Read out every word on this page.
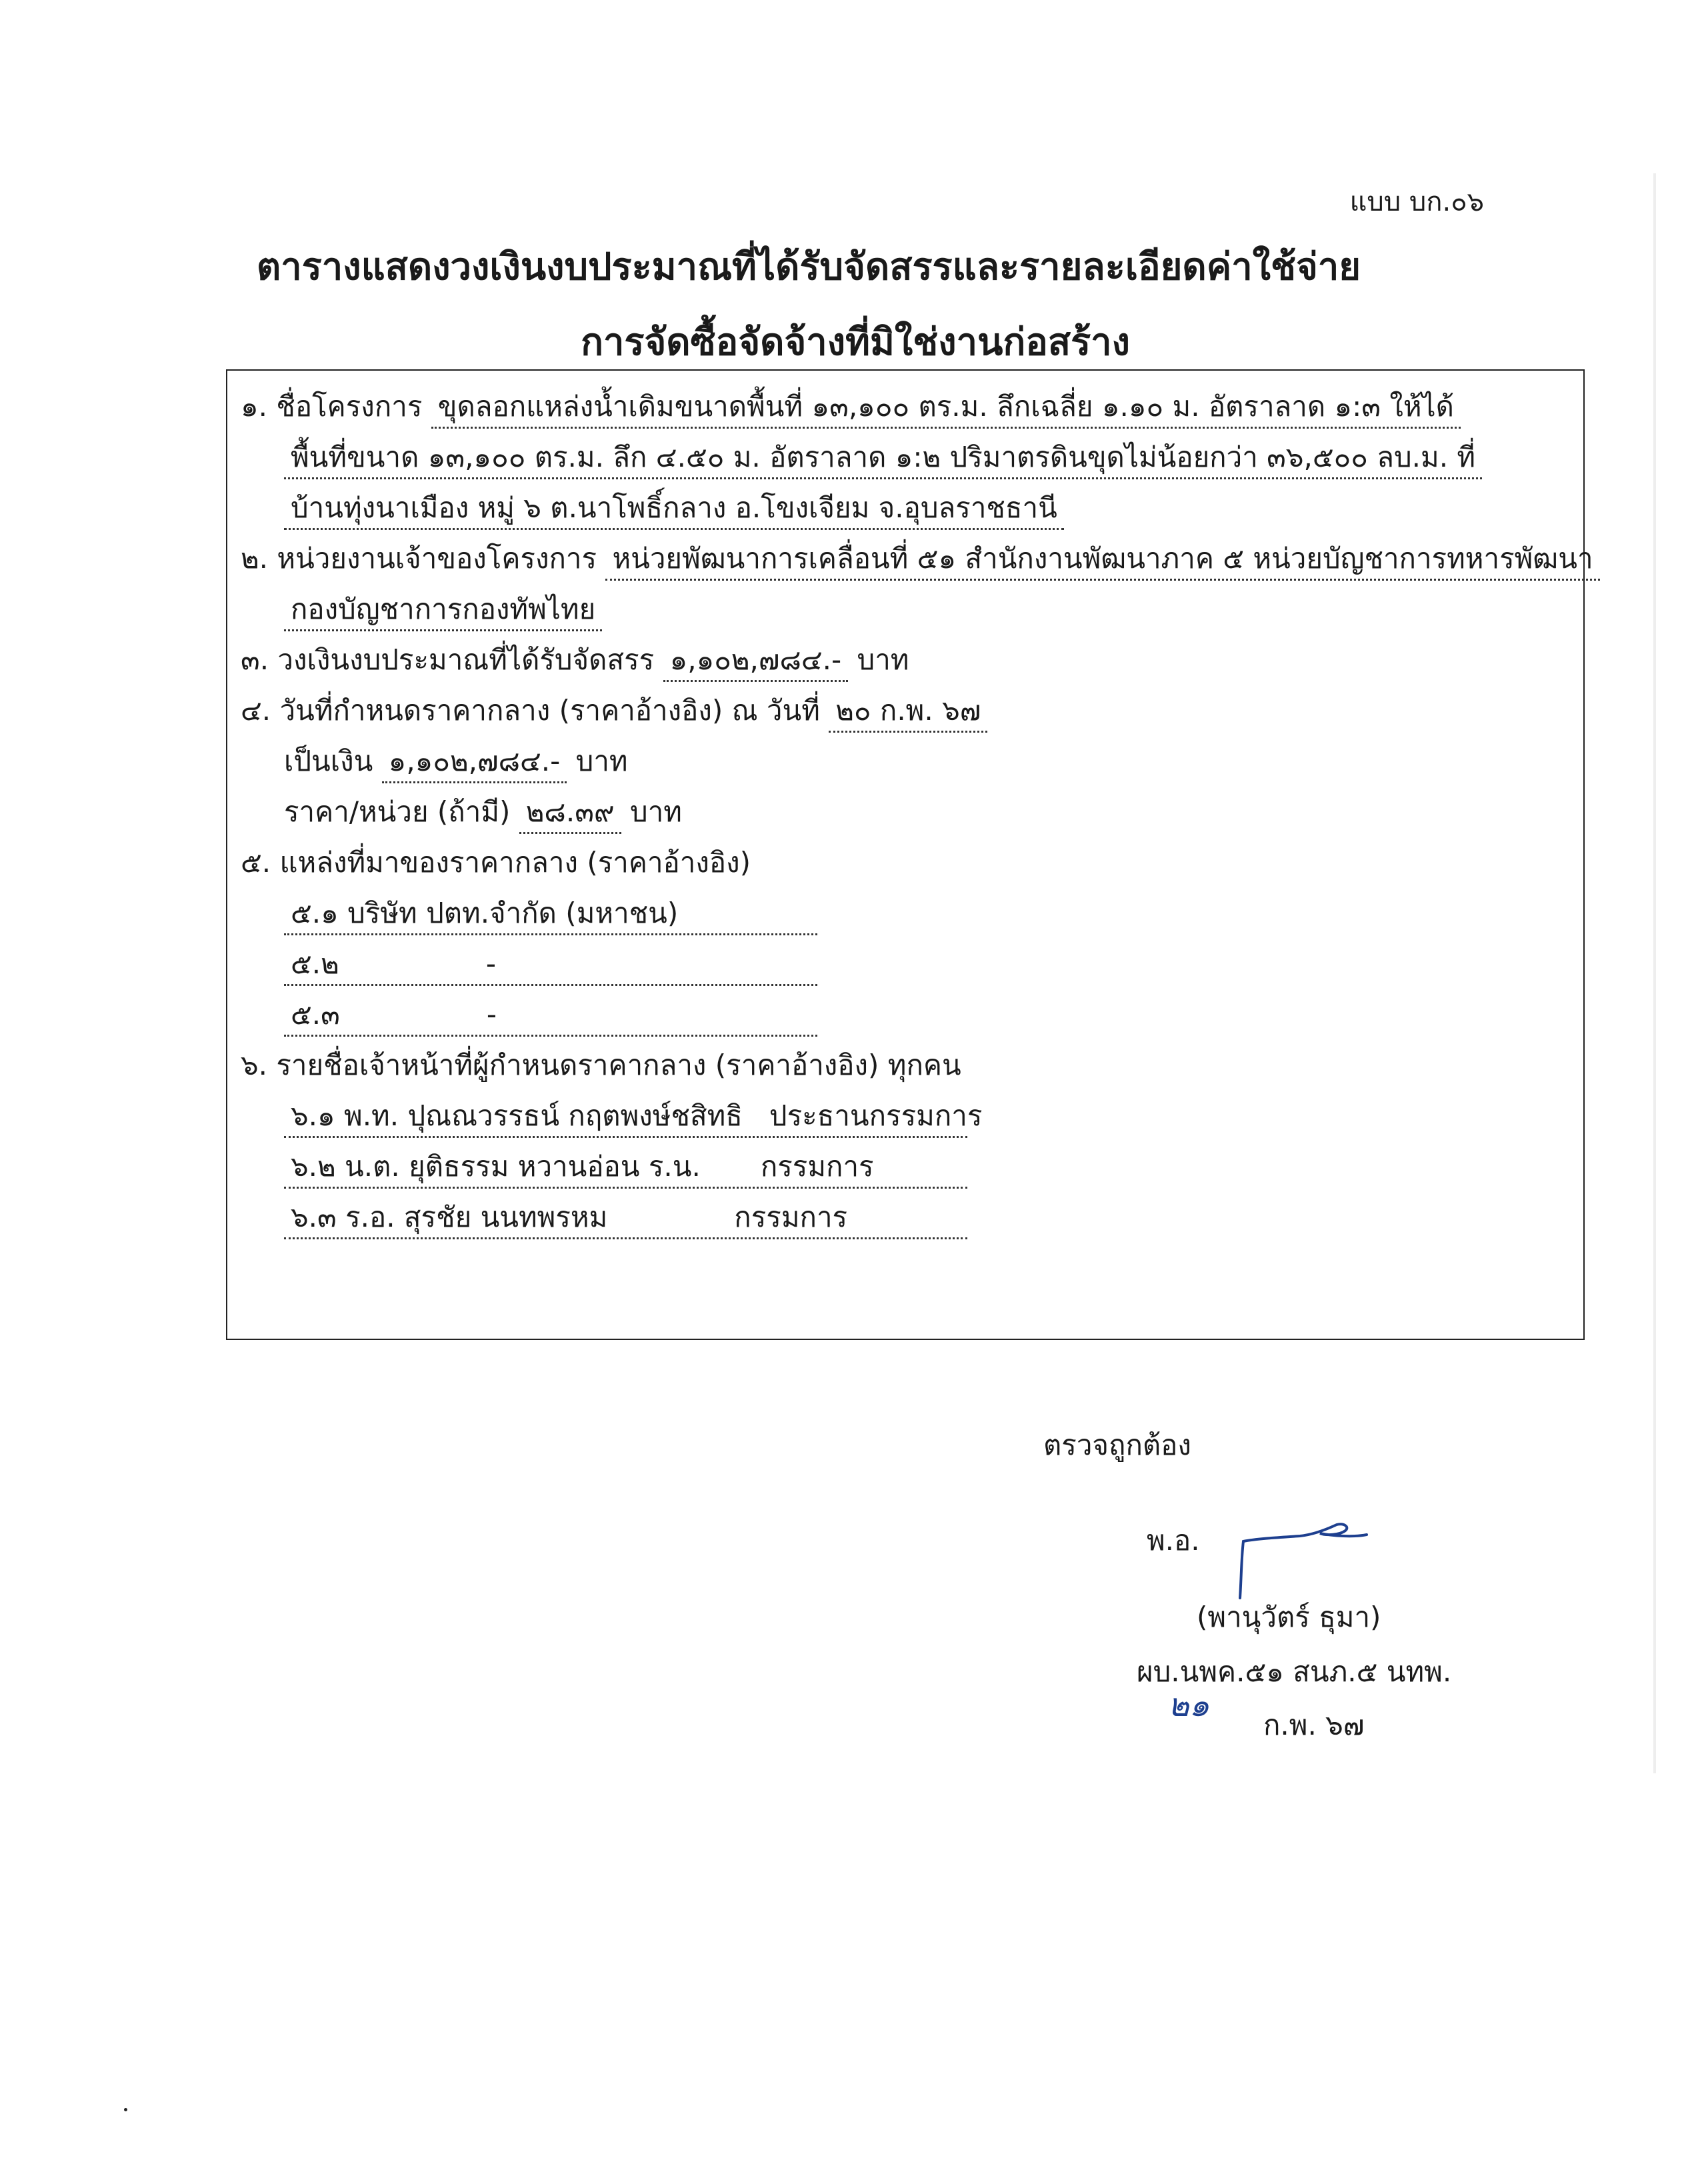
แบบ บก.๐๖
ตารางแสดงวงเงินงบประมาณที่ได้รับจัดสรรและรายละเอียดค่าใช้จ่าย
การจัดซื้อจัดจ้างที่มิใช่งานก่อสร้าง
๑. ชื่อโครงการ ขุดลอกแหล่งน้ำเดิมขนาดพื้นที่ ๑๓,๑๐๐ ตร.ม. ลึกเฉลี่ย ๑.๑๐ ม. อัตราลาด ๑:๓ ให้ได้
พื้นที่ขนาด ๑๓,๑๐๐ ตร.ม. ลึก ๔.๕๐ ม. อัตราลาด ๑:๒ ปริมาตรดินขุดไม่น้อยกว่า ๓๖,๕๐๐ ลบ.ม. ที่
บ้านทุ่งนาเมือง หมู่ ๖ ต.นาโพธิ์กลาง อ.โขงเจียม จ.อุบลราชธานี
๒. หน่วยงานเจ้าของโครงการ หน่วยพัฒนาการเคลื่อนที่ ๕๑ สำนักงานพัฒนาภาค ๕ หน่วยบัญชาการทหารพัฒนา
กองบัญชาการกองทัพไทย
๓. วงเงินงบประมาณที่ได้รับจัดสรร ๑,๑๐๒,๗๘๔.- บาท
๔. วันที่กำหนดราคากลาง (ราคาอ้างอิง) ณ วันที่ ๒๐ ก.พ. ๖๗
เป็นเงิน ๑,๑๐๒,๗๘๔.- บาท
ราคา/หน่วย (ถ้ามี) ๒๘.๓๙ บาท
๕. แหล่งที่มาของราคากลาง (ราคาอ้างอิง)
๕.๑ บริษัท ปตท.จำกัด (มหาชน)
๕.๒	-
๕.๓	-
๖. รายชื่อเจ้าหน้าที่ผู้กำหนดราคากลาง (ราคาอ้างอิง) ทุกคน
๖.๑ พ.ท. ปุณณวรรธน์ กฤตพงษ์ชสิทธิ ประธานกรรมการ
๖.๒ น.ต. ยุติธรรม หวานอ่อน ร.น. กรรมการ
๖.๓ ร.อ. สุรชัย นนทพรหม	กรรมการ
ตรวจถูกต้อง
พ.อ.
(พานุวัตร์ ธุมา)
ผบ.นพค.๕๑ สนภ.๕ นทพ.
๒๑
ก.พ. ๖๗
